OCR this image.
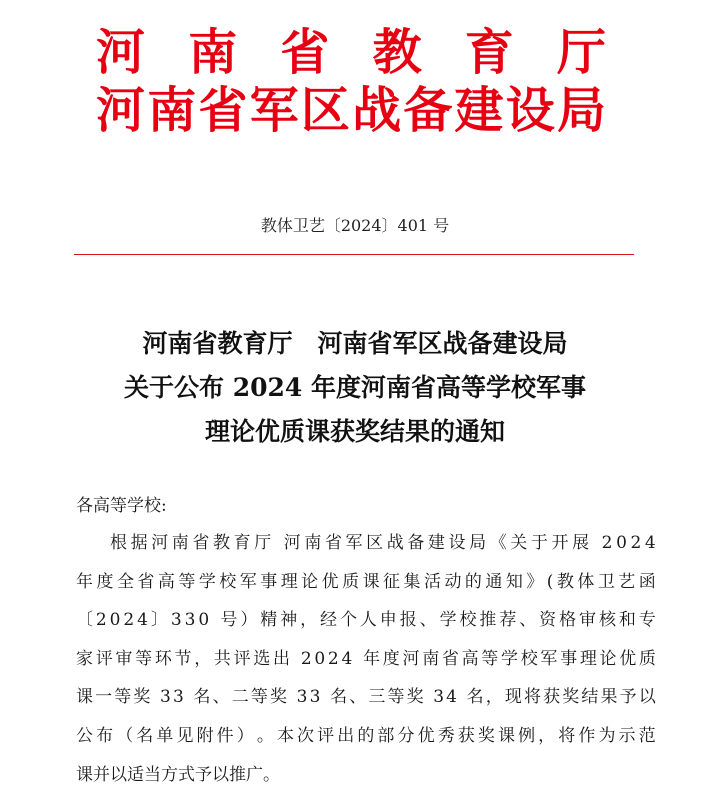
河 南 省 教 育 厅
河 南 省 军 区 战 备 建 设 局
教体卫艺〔2024〕401 号
河南省教育厅　河南省军区战备建设局
关于公布 2024 年度河南省高等学校军事
理论优质课获奖结果的通知
各高等学校:
根 据 河 南 省 教 育 厅
河 南 省 军 区 战 备 建 设 局 《 关 于 开 展
2 0 2 4
年 度 全 省 高 等 学 校 军 事 理 论 优 质 课 征 集 活 动 的 通 知 》 ( 教 体 卫 艺 函
〔 2 0 2 4 〕 3 3 0
号 ） 精 神 ， 经 个 人 申 报 、 学 校 推 荐 、 资 格 审 核 和 专
家 评 审 等 环 节 ， 共 评 选 出
2 0 2 4
年 度 河 南 省 高 等 学 校 军 事 理 论 优 质
课 一 等 奖
3 3
名 、 二 等 奖
3 3
名 、 三 等 奖
3 4
名 ， 现 将 获 奖 结 果 予 以
公 布 （ 名 单 见 附 件 ） 。 本 次 评 出 的 部 分 优 秀 获 奖 课 例 ， 将 作 为 示 范
课并以适当方式予以推广。
